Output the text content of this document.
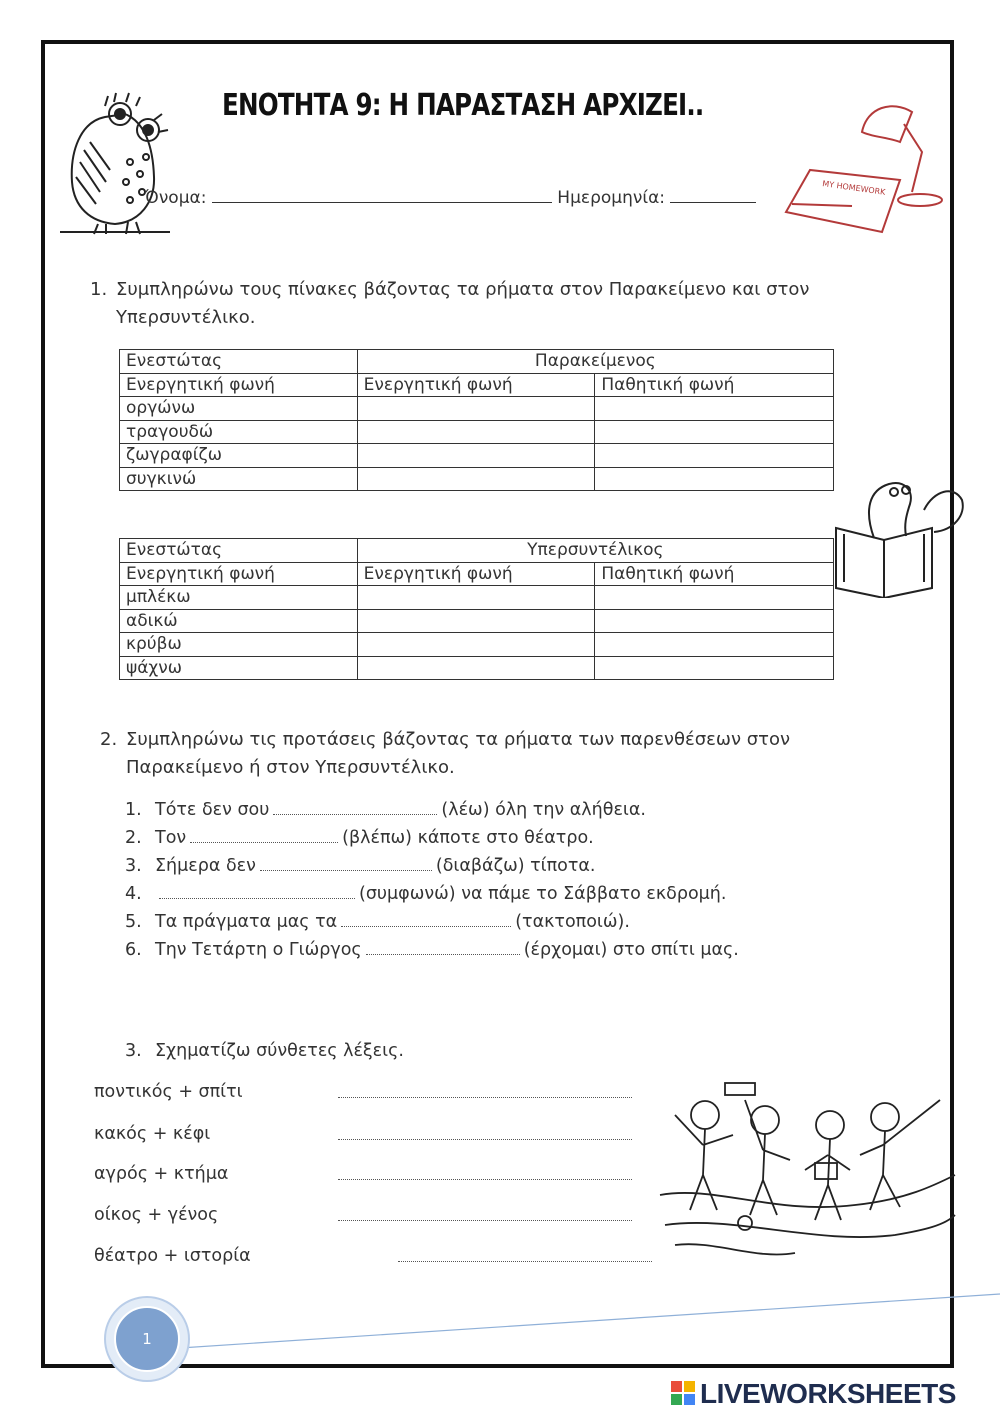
MY HOMEWORK
ΕΝΟΤΗΤΑ 9: Η ΠΑΡΑΣΤΑΣΗ ΑΡΧΙΖΕΙ..
Όνομα:	Ημερομηνία:
1. Συμπληρώνω τους πίνακες βάζοντας τα ρήματα στον Παρακείμενο και στον
Υπερσυντέλικο.
Ενεστώτας	Παρακείμενος	
Ενεργητική φωνή	Ενεργητική φωνή	Παθητική φωνή
οργώνω		
τραγουδώ		
ζωγραφίζω		
συγκινώ		
Ενεστώτας	Υπερσυντέλικος	
Ενεργητική φωνή	Ενεργητική φωνή	Παθητική φωνή
μπλέκω		
αδικώ		
κρύβω		
ψάχνω		
2. Συμπληρώνω τις προτάσεις βάζοντας τα ρήματα των παρενθέσεων στον
Παρακείμενο ή στον Υπερσυντέλικο.
1. Τότε δεν σου	(λέω) όλη την αλήθεια.
2. Τον	(βλέπω) κάποτε στο θέατρο.
3. Σήμερα δεν	(διαβάζω) τίποτα.
4.	(συμφωνώ) να πάμε το Σάββατο εκδρομή.
5. Τα πράγματα μας τα	(τακτοποιώ).
6. Την Τετάρτη ο Γιώργος	(έρχομαι) στο σπίτι μας.
3. Σχηματίζω σύνθετες λέξεις.
ποντικός + σπίτι
κακός + κέφι
αγρός + κτήμα
οίκος + γένος
θέατρο + ιστορία
1
LIVEWORKSHEETS
